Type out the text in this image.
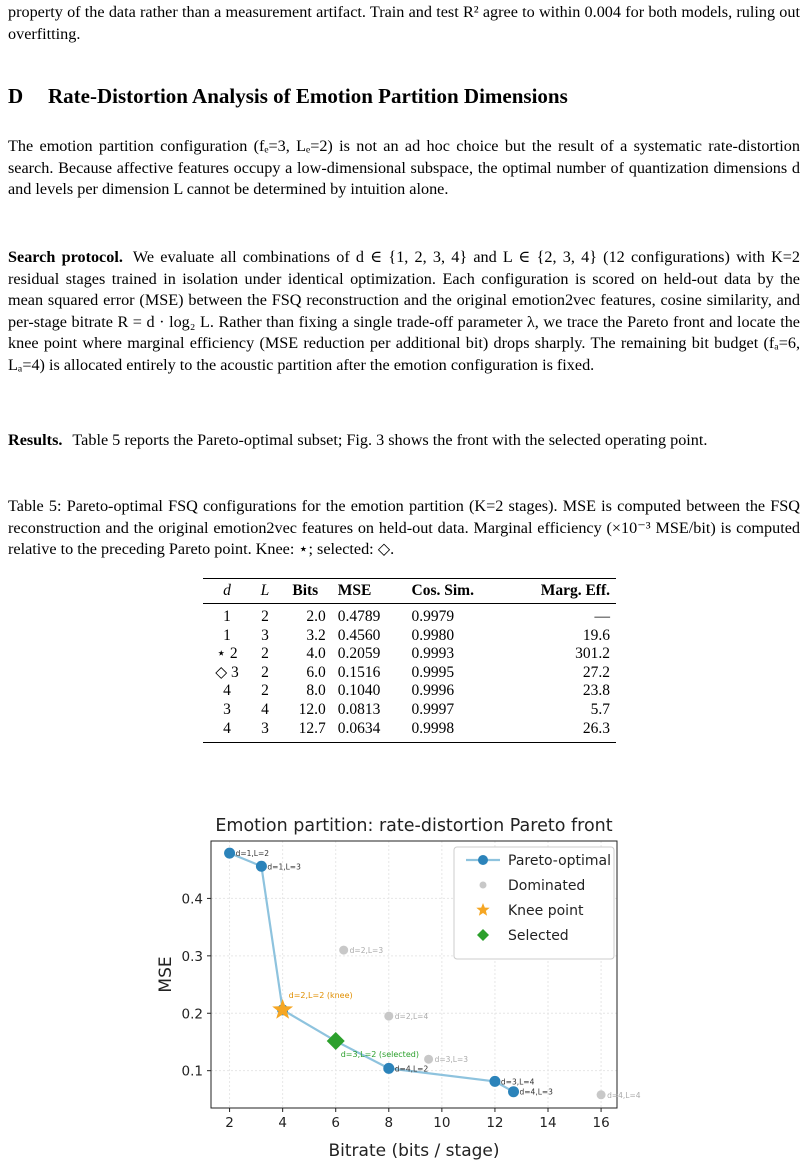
property of the data rather than a measurement artifact. Train and test R² agree to within 0.004 for both models, ruling out overfitting.

D Rate-Distortion Analysis of Emotion Partition Dimensions

The emotion partition configuration (fₑ=3, Lₑ=2) is not an ad hoc choice but the result of a systematic rate-distortion search. Because affective features occupy a low-dimensional subspace, the optimal number of quantization dimensions d and levels per dimension L cannot be determined by intuition alone.

Search protocol. We evaluate all combinations of d ∈ {1, 2, 3, 4} and L ∈ {2, 3, 4} (12 configurations) with K=2 residual stages trained in isolation under identical optimization. Each configuration is scored on held-out data by the mean squared error (MSE) between the FSQ reconstruction and the original emotion2vec features, cosine similarity, and per-stage bitrate R = d · log₂ L. Rather than fixing a single trade-off parameter λ, we trace the Pareto front and locate the knee point where marginal efficiency (MSE reduction per additional bit) drops sharply. The remaining bit budget (fₐ=6, Lₐ=4) is allocated entirely to the acoustic partition after the emotion configuration is fixed.

Results. Table 5 reports the Pareto-optimal subset; Fig. 3 shows the front with the selected operating point.

Table 5: Pareto-optimal FSQ configurations for the emotion partition (K=2 stages). MSE is computed between the FSQ reconstruction and the original emotion2vec features on held-out data. Marginal efficiency (×10⁻³ MSE/bit) is computed relative to the preceding Pareto point. Knee: ⋆; selected: ◇.

d	L	Bits	MSE	Cos. Sim.	Marg. Eff.
1	2	2.0	0.4789	0.9979	—
1	3	3.2	0.4560	0.9980	19.6
⋆ 2	2	4.0	0.2059	0.9993	301.2
◇ 3	2	6.0	0.1516	0.9995	27.2
4	2	8.0	0.1040	0.9996	23.8
3	4	12.0	0.0813	0.9997	5.7
4	3	12.7	0.0634	0.9998	26.3
Emotion partition: rate-distortion Pareto front
2	4	6	8	10	12	14	16
0.1
0.2
0.3
0.4
Bitrate (bits / stage)
MSE
d=2,L=3
d=2,L=4
d=3,L=3
d=4,L=4
d=1,L=2
d=1,L=3
d=4,L=2
d=3,L=4
d=4,L=3
d=3,L=2 (selected)
d=2,L=2 (knee)
Pareto-optimal
Dominated
Knee point
Selected
